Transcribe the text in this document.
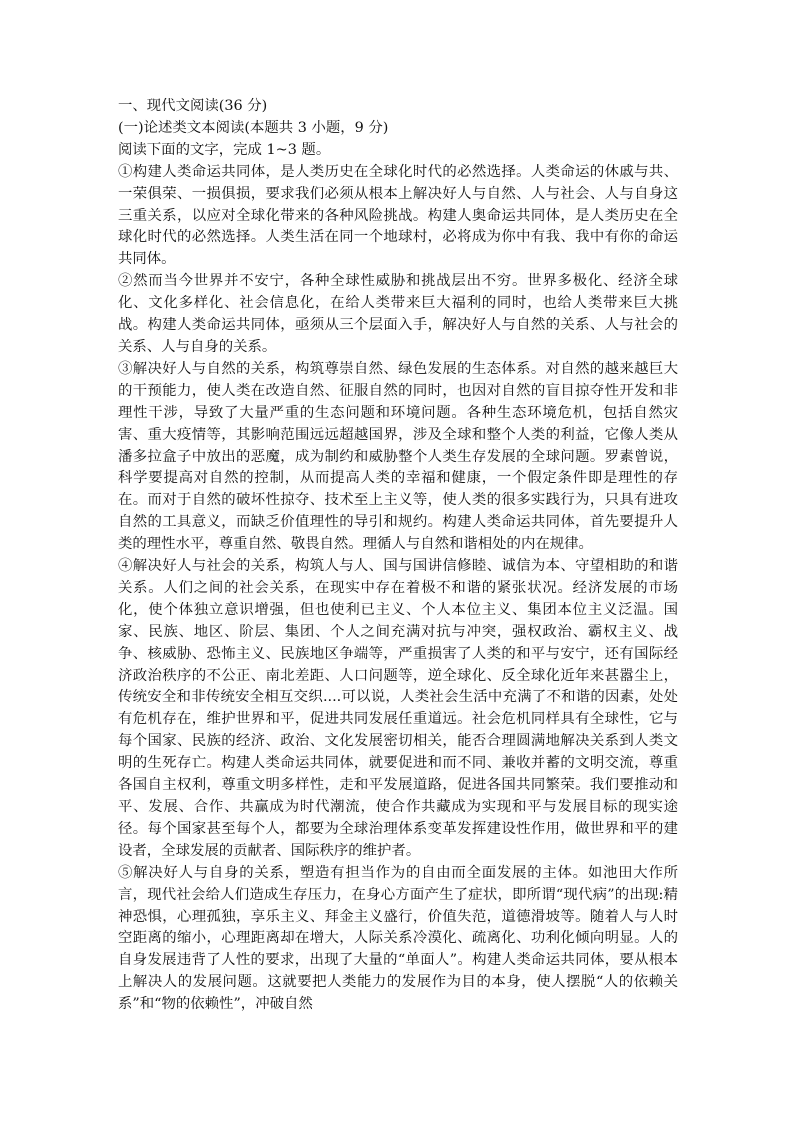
一、现代文阅读(36 分)

(一)论述类文本阅读(本题共 3 小题，9 分)

阅读下面的文字，完成 1~3 题。

①构建人类命运共同体，是人类历史在全球化时代的必然选择。人类命运的休戚与共、一荣俱荣、一损俱损，要求我们必须从根本上解决好人与自然、人与社会、人与自身这三重关系，以应对全球化带来的各种风险挑战。构建人奥命运共同体，是人类历史在全球化时代的必然选择。人类生活在同一个地球村，必将成为你中有我、我中有你的命运共同体。

②然而当今世界并不安宁，各种全球性威胁和挑战层出不穷。世界多极化、经济全球化、文化多样化、社会信息化，在给人类带来巨大福利的同时，也给人类带来巨大挑战。构建人类命运共同体，亟须从三个层面入手，解决好人与自然的关系、人与社会的关系、人与自身的关系。

③解决好人与自然的关系，构筑尊崇自然、绿色发展的生态体系。对自然的越来越巨大的干预能力，使人类在改造自然、征服自然的同时，也因对自然的盲目掠夺性开发和非理性干涉，导致了大量严重的生态问题和环境问题。各种生态环境危机，包括自然灾害、重大疫情等，其影响范围远远超越国界，涉及全球和整个人类的利益，它像人类从潘多拉盒子中放出的恶魔，成为制约和威胁整个人类生存发展的全球问题。罗素曾说，科学要提高对自然的控制，从而提高人类的幸福和健康，一个假定条件即是理性的存在。而对于自然的破坏性掠夺、技术至上主义等，使人类的很多实践行为，只具有进攻自然的工具意义，而缺乏价值理性的导引和规约。构建人类命运共同体，首先要提升人类的理性水平，尊重自然、敬畏自然。理循人与自然和谐相处的内在规律。

④解决好人与社会的关系，构筑人与人、国与国讲信修睦、诚信为本、守望相助的和谐关系。人们之间的社会关系，在现实中存在着极不和谐的紧张状况。经济发展的市场化，使个体独立意识增强，但也使利已主义、个人本位主义、集团本位主义泛温。国家、民族、地区、阶层、集团、个人之间充满对抗与冲突，强权政治、霸权主义、战争、核威胁、恐怖主义、民族地区争端等，严重损害了人类的和平与安宁，还有国际经济政治秩序的不公正、南北差距、人口问题等，逆全球化、反全球化近年来甚嚣尘上，传统安全和非传统安全相互交织....可以说，人类社会生活中充满了不和谐的因素，处处有危机存在，维护世界和平，促进共同发展任重道远。社会危机同样具有全球性，它与每个国家、民族的经济、政治、文化发展密切相关，能否合理圆满地解决关系到人类文明的生死存亡。构建人类命运共同体，就要促进和而不同、兼收并蓄的文明交流，尊重各国自主权利，尊重文明多样性，走和平发展道路，促进各国共同繁荣。我们要推动和平、发展、合作、共赢成为时代潮流，使合作共藏成为实现和平与发展目标的现实途径。每个国家甚至每个人，都要为全球治理体系变革发挥建设性作用，做世界和平的建设者，全球发展的贡献者、国际秩序的维护者。

⑤解决好人与自身的关系，塑造有担当作为的自由而全面发展的主体。如池田大作所言，现代社会给人们造成生存压力，在身心方面产生了症状，即所谓“现代病”的出现:精神恐惧，心理孤独，享乐主义、拜金主义盛行，价值失范，道德滑坡等。随着人与人时空距离的缩小，心理距离却在增大，人际关系冷漠化、疏离化、功利化倾向明显。人的自身发展违背了人性的要求，出现了大量的“单面人”。构建人类命运共同体，要从根本上解决人的发展问题。这就要把人类能力的发展作为目的本身，使人摆脱“人的依赖关系”和“物的依赖性”，冲破自然
